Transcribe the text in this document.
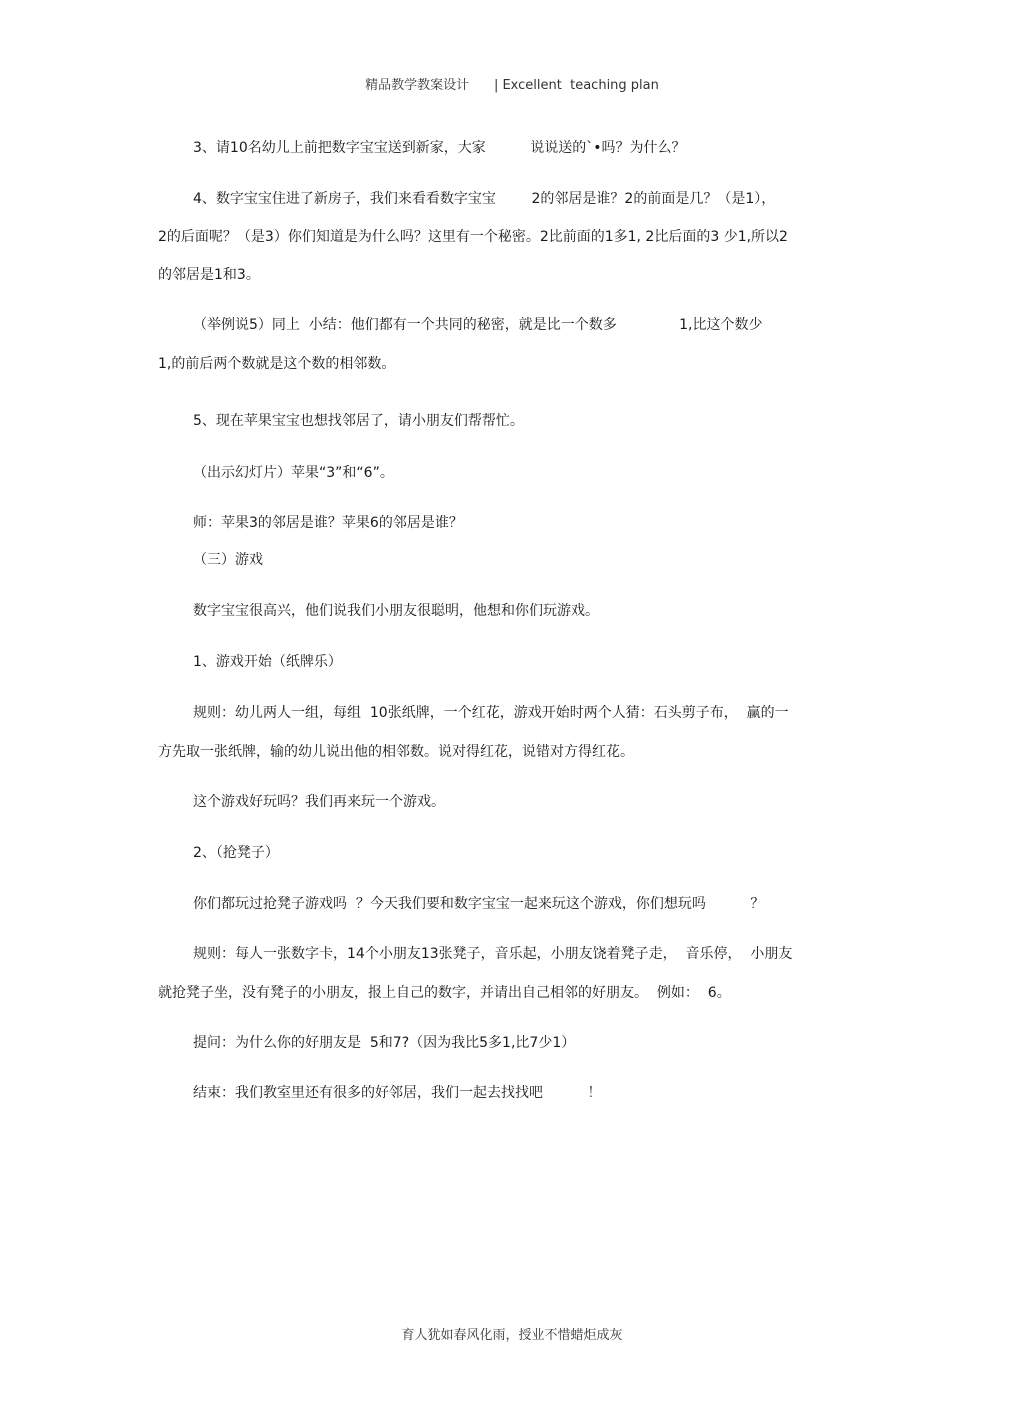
精品教学教案设计 | Excellent  teaching plan
3、请10名幼儿上前把数字宝宝送到新家，大家          说说送的`•吗？为什么？
4、数字宝宝住进了新房子，我们来看看数字宝宝        2的邻居是谁？2的前面是几？（是1），
2的后面呢？（是3）你们知道是为什么吗？这里有一个秘密。2比前面的1多1, 2比后面的3 少1,所以2
的邻居是1和3。
（举例说5）同上  小结：他们都有一个共同的秘密，就是比一个数多              1,比这个数少
1,的前后两个数就是这个数的相邻数。
5、现在苹果宝宝也想找邻居了，请小朋友们帮帮忙。
（出示幻灯片）苹果“3”和“6”。
师：苹果3的邻居是谁？苹果6的邻居是谁？
（三）游戏
数字宝宝很高兴，他们说我们小朋友很聪明，他想和你们玩游戏。
1、游戏开始（纸牌乐）
规则：幼儿两人一组，每组  10张纸牌，一个红花，游戏开始时两个人猜：石头剪子布，  赢的一
方先取一张纸牌，输的幼儿说出他的相邻数。说对得红花，说错对方得红花。
这个游戏好玩吗？我们再来玩一个游戏。
2、（抢凳子）
你们都玩过抢凳子游戏吗  ？今天我们要和数字宝宝一起来玩这个游戏，你们想玩吗          ？
规则：每人一张数字卡，14个小朋友13张凳子，音乐起，小朋友饶着凳子走，  音乐停，  小朋友
就抢凳子坐，没有凳子的小朋友，报上自己的数字，并请出自己相邻的好朋友。  例如：  6。
提问：为什么你的好朋友是  5和7?（因为我比5多1,比7少1）
结束：我们教室里还有很多的好邻居，我们一起去找找吧          ！
育人犹如春风化雨，授业不惜蜡炬成灰
